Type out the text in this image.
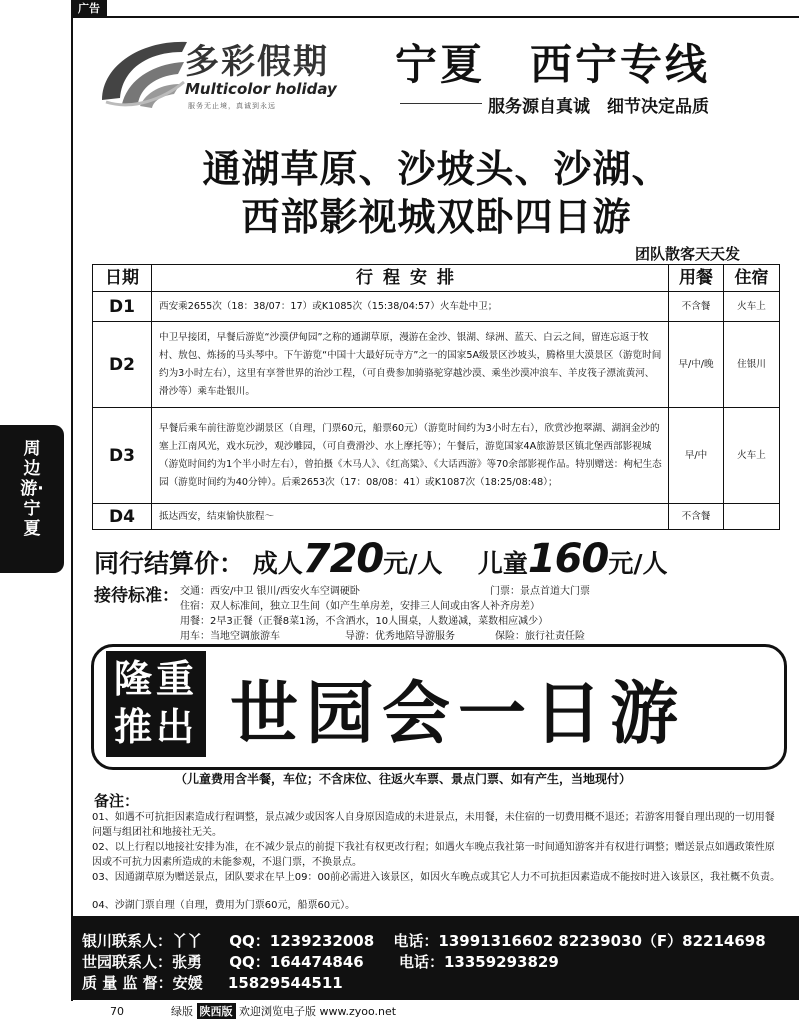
广告
多彩假期
Multicolor holiday
服务无止境，真诚到永远
宁夏　西宁专线
服务源自真诚　细节决定品质
通湖草原、沙坡头、沙湖、
西部影视城双卧四日游
团队散客天天发
日期	行程安排	用餐	住宿
D1	西安乘2655次（18：38/07：17）或K1085次（15:38/04:57）火车赴中卫；	不含餐	火车上
D2	中卫早接团，早餐后游览“沙漠伊甸园”之称的通湖草原，漫游在金沙、银湖、绿洲、蓝天、白云之间，留连忘返于牧村、敖包、炼扬的马头琴中。下午游览“中国十大最好玩寺方”之一的国家5A级景区沙坡头，腾格里大漠景区（游览时间约为3小时左右），这里有享誉世界的治沙工程，（可自费参加骑骆驼穿越沙漠、乘坐沙漠冲浪车、羊皮筏子漂流黄河、滑沙等）乘车赴银川。	早/中/晚	住银川
D3	早餐后乘车前往游览沙湖景区（自理，门票60元，船票60元）（游览时间约为3小时左右），欣赏沙抱翠湖、湖润金沙的塞上江南风光，戏水玩沙，观沙雕园，（可自费滑沙、水上摩托等）；午餐后，游览国家4A旅游景区镇北堡西部影视城（游览时间约为1个半小时左右），曾拍摄《木马人》、《红高粱》、《大话西游》等70余部影视作品。特别赠送：枸杞生态园（游览时间约为40分钟）。后乘2653次（17：08/08：41）或K1087次（18:25/08:48）；	早/中	火车上
D4	抵达西安，结束愉快旅程～	不含餐	
周边游·宁夏
同行结算价： 成人720元/人 儿童160元/人
接待标准： 交通：西安/中卫 银川/西安火车空调硬卧	门票：景点首道大门票
住宿：双人标准间，独立卫生间（如产生单房差，安排三人间或由客人补齐房差）
用餐：2早3正餐（正餐8菜1汤，不含酒水，10人围桌，人数递减，菜数相应减少）
用车：当地空调旅游车	导游：优秀地陪导游服务	保险：旅行社责任险
隆重
推出 世园会一日游
（儿童费用含半餐，车位；不含床位、往返火车票、景点门票、如有产生，当地现付）
备注：
01、如遇不可抗拒因素造成行程调整，景点减少或因客人自身原因造成的未进景点，未用餐，未住宿的一切费用概不退还；若游客用餐自理出现的一切用餐问题与组团社和地接社无关。
02、以上行程以地接社安排为准，在不减少景点的前提下我社有权更改行程；如遇火车晚点我社第一时间通知游客并有权进行调整；赠送景点如遇政策性原因或不可抗力因素所造成的未能参观，不退门票，不换景点。
03、因通湖草原为赠送景点，团队要求在早上09：00前必需进入该景区，如因火车晚点或其它人力不可抗拒因素造成不能按时进入该景区，我社概不负责。
04、沙湖门票自理（自理，费用为门票60元，船票60元）。
银川联系人：丫丫 QQ：1239232008 电话：13991316602 82239030（F）82214698
世园联系人：张勇 QQ：164474846 电话：13359293829
质 量 监 督：安媛 15829544511
70	绿版 陕西版 欢迎浏览电子版 www.zyoo.net
